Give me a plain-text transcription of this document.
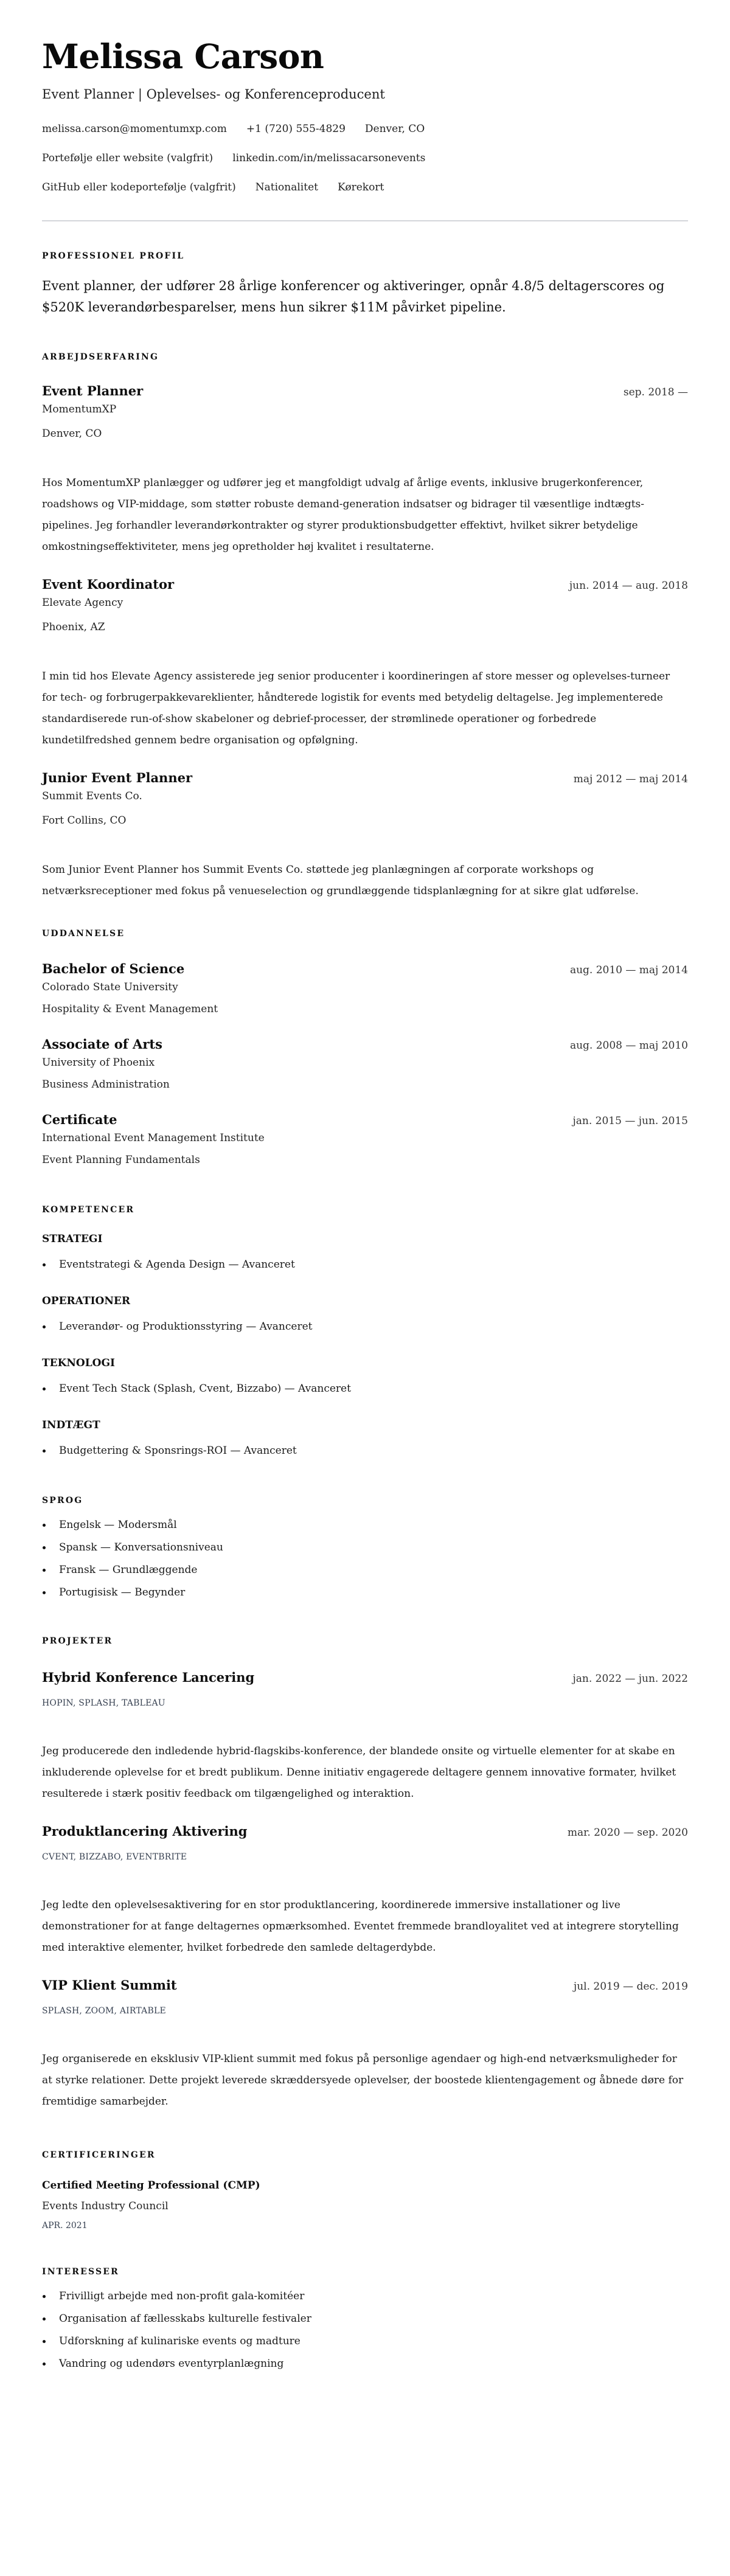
Melissa Carson
Event Planner | Oplevelses- og Konferenceproducent
melissa.carson@momentumxp.com +1 (720) 555-4829 Denver, CO
Portefølje eller website (valgfrit) linkedin.com/in/melissacarsonevents
GitHub eller kodeportefølje (valgfrit) Nationalitet Kørekort
PROFESSIONEL PROFIL

Event planner, der udfører 28 årlige konferencer og aktiveringer, opnår 4.8/5 deltagerscores og $520K leverandørbesparelser, mens hun sikrer $11M påvirket pipeline.

ARBEJDSERFARING
Event Planner	sep. 2018 —
MomentumXP
Denver, CO

Hos MomentumXP planlægger og udfører jeg et mangfoldigt udvalg af årlige events, inklusive brugerkonferencer, roadshows og VIP-middage, som støtter robuste demand-generation indsatser og bidrager til væsentlige indtægts-pipelines. Jeg forhandler leverandørkontrakter og styrer produktionsbudgetter effektivt, hvilket sikrer betydelige omkostningseffektiviteter, mens jeg opretholder høj kvalitet i resultaterne.

Event Koordinator	jun. 2014 — aug. 2018
Elevate Agency
Phoenix, AZ

I min tid hos Elevate Agency assisterede jeg senior producenter i koordineringen af store messer og oplevelses-turneer for tech- og forbrugerpakkevareklienter, håndterede logistik for events med betydelig deltagelse. Jeg implementerede standardiserede run-of-show skabeloner og debrief-processer, der strømlinede operationer og forbedrede kundetilfredshed gennem bedre organisation og opfølgning.

Junior Event Planner	maj 2012 — maj 2014
Summit Events Co.
Fort Collins, CO

Som Junior Event Planner hos Summit Events Co. støttede jeg planlægningen af corporate workshops og netværksreceptioner med fokus på venueselection og grundlæggende tidsplanlægning for at sikre glat udførelse.

UDDANNELSE
Bachelor of Science	aug. 2010 — maj 2014
Colorado State University
Hospitality & Event Management
Associate of Arts	aug. 2008 — maj 2010
University of Phoenix
Business Administration
Certificate	jan. 2015 — jun. 2015
International Event Management Institute
Event Planning Fundamentals
KOMPETENCER
STRATEGI
Eventstrategi & Agenda Design — Avanceret
OPERATIONER
Leverandør- og Produktionsstyring — Avanceret
TEKNOLOGI
Event Tech Stack (Splash, Cvent, Bizzabo) — Avanceret
INDTÆGT
Budgettering & Sponsrings-ROI — Avanceret
SPROG
Engelsk — Modersmål
Spansk — Konversationsniveau
Fransk — Grundlæggende
Portugisisk — Begynder
PROJEKTER
Hybrid Konference Lancering	jan. 2022 — jun. 2022
HOPIN, SPLASH, TABLEAU

Jeg producerede den indledende hybrid-flagskibs-konference, der blandede onsite og virtuelle elementer for at skabe en inkluderende oplevelse for et bredt publikum. Denne initiativ engagerede deltagere gennem innovative formater, hvilket resulterede i stærk positiv feedback om tilgængelighed og interaktion.

Produktlancering Aktivering	mar. 2020 — sep. 2020
CVENT, BIZZABO, EVENTBRITE

Jeg ledte den oplevelsesaktivering for en stor produktlancering, koordinerede immersive installationer og live demonstrationer for at fange deltagernes opmærksomhed. Eventet fremmede brandloyalitet ved at integrere storytelling med interaktive elementer, hvilket forbedrede den samlede deltagerdybde.

VIP Klient Summit	jul. 2019 — dec. 2019
SPLASH, ZOOM, AIRTABLE

Jeg organiserede en eksklusiv VIP-klient summit med fokus på personlige agendaer og high-end netværksmuligheder for at styrke relationer. Dette projekt leverede skræddersyede oplevelser, der boostede klientengagement og åbnede døre for fremtidige samarbejder.

CERTIFICERINGER
Certified Meeting Professional (CMP)
Events Industry Council
APR. 2021
INTERESSER
Frivilligt arbejde med non-profit gala-komitéer
Organisation af fællesskabs kulturelle festivaler
Udforskning af kulinariske events og madture
Vandring og udendørs eventyrplanlægning
